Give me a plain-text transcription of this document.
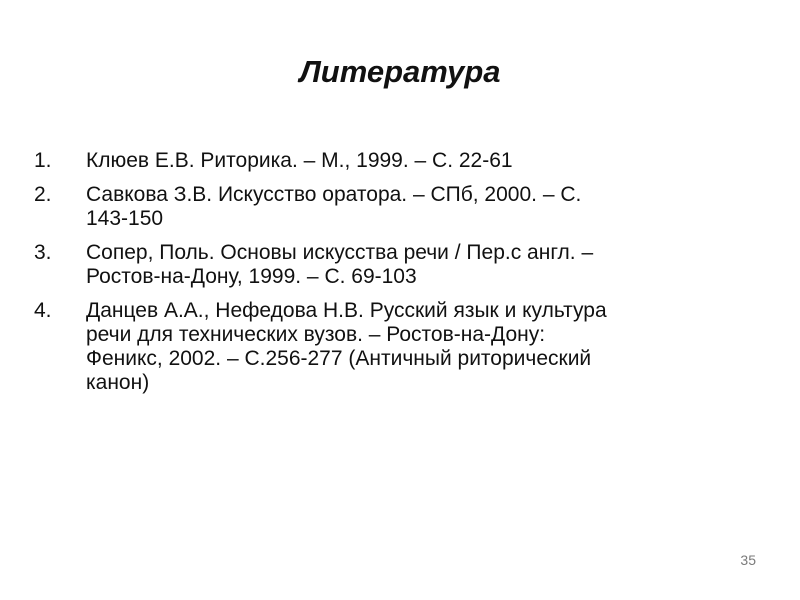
Литература
1.	Клюев Е.В. Риторика. – М., 1999. – С. 22-61
2.	Савкова З.В. Искусство оратора. – СПб, 2000. – С.
143-150
3.	Сопер, Поль. Основы искусства речи / Пер.с англ. –
Ростов-на-Дону, 1999. – С. 69-103
4.	Данцев А.А., Нефедова Н.В. Русский язык и культура
речи для технических вузов. – Ростов-на-Дону:
Феникс, 2002. – С.256-277 (Античный риторический
канон)
35
